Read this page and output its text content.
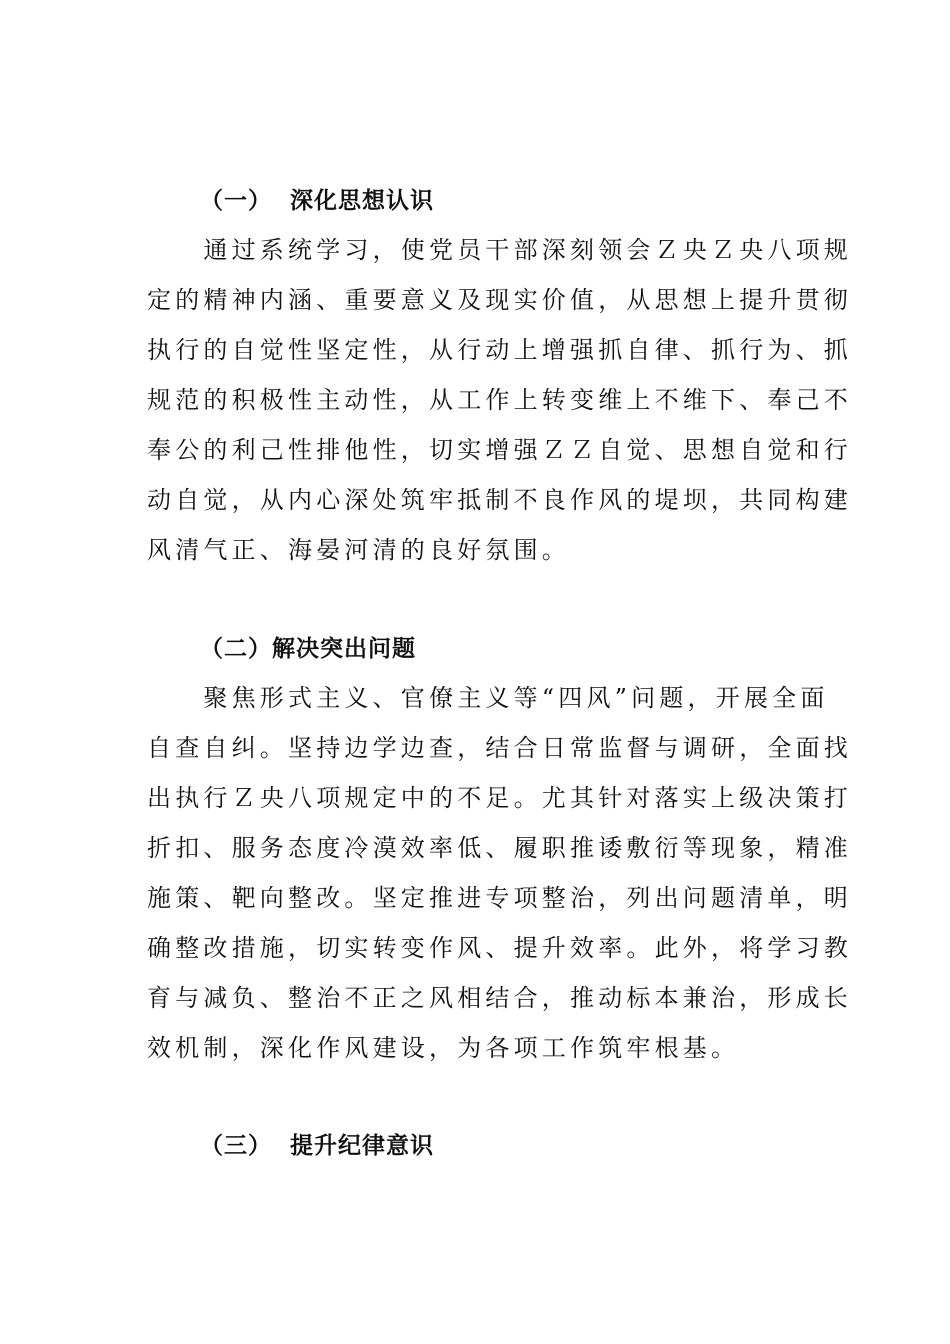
（一） 深化思想认识
　　通过系统学习，使党员干部深刻领会Ｚ央Ｚ央八项规
定的精神内涵、重要意义及现实价值，从思想上提升贯彻
执行的自觉性坚定性，从行动上增强抓自律、抓行为、抓
规范的积极性主动性，从工作上转变维上不维下、奉己不
奉公的利己性排他性，切实增强ＺＺ自觉、思想自觉和行
动自觉，从内心深处筑牢抵制不良作风的堤坝，共同构建
风清气正、海晏河清的良好氛围。
（二）解决突出问题
　　聚焦形式主义、官僚主义等“四风”问题，开展全面
自查自纠。坚持边学边查，结合日常监督与调研，全面找
出执行Ｚ央八项规定中的不足。尤其针对落实上级决策打
折扣、服务态度冷漠效率低、履职推诿敷衍等现象，精准
施策、靶向整改。坚定推进专项整治，列出问题清单，明
确整改措施，切实转变作风、提升效率。此外，将学习教
育与减负、整治不正之风相结合，推动标本兼治，形成长
效机制，深化作风建设，为各项工作筑牢根基。
（三） 提升纪律意识
